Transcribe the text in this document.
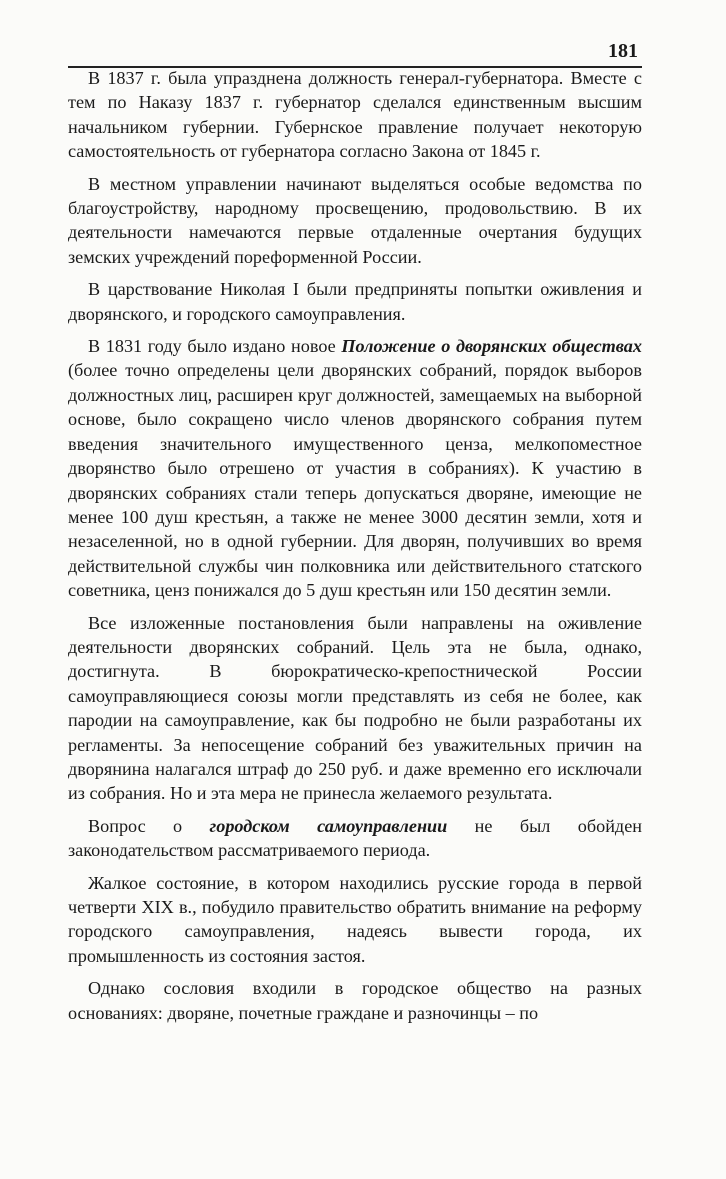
181

В 1837 г. была упразднена должность генерал-губернатора. Вместе с тем по Наказу 1837 г. губернатор сделался единственным высшим начальником губернии. Губернское правление получает некоторую самостоятельность от губернатора согласно Закона от 1845 г.

В местном управлении начинают выделяться особые ведомства по благоустройству, народному просвещению, продовольствию. В их деятельности намечаются первые отдаленные очертания будущих земских учреждений пореформенной России.

В царствование Николая I были предприняты попытки оживления и дворянского, и городского самоуправления.

В 1831 году было издано новое Положение о дворянских обществах (более точно определены цели дворянских собраний, порядок выборов должностных лиц, расширен круг должностей, замещаемых на выборной основе, было сокращено число членов дворянского собрания путем введения значительного имущественного ценза, мелкопоместное дворянство было отрешено от участия в собраниях). К участию в дворянских собраниях стали теперь допускаться дворяне, имеющие не менее 100 душ крестьян, а также не менее 3000 десятин земли, хотя и незаселенной, но в одной губернии. Для дворян, получивших во время действительной службы чин полковника или действительного статского советника, ценз понижался до 5 душ крестьян или 150 десятин земли.

Все изложенные постановления были направлены на оживление деятельности дворянских собраний. Цель эта не была, однако, достигнута. В бюрократическо-крепостнической России самоуправляющиеся союзы могли представлять из себя не более, как пародии на самоуправление, как бы подробно не были разработаны их регламенты. За непосещение собраний без уважительных причин на дворянина налагался штраф до 250 руб. и даже временно его исключали из собрания. Но и эта мера не принесла желаемого результата.

Вопрос о городском самоуправлении не был обойден законодательством рассматриваемого периода.

Жалкое состояние, в котором находились русские города в первой четверти XIX в., побудило правительство обратить внимание на реформу городского самоуправления, надеясь вывести города, их промышленность из состояния застоя.

Однако сословия входили в городское общество на разных основаниях: дворяне, почетные граждане и разночинцы – по
